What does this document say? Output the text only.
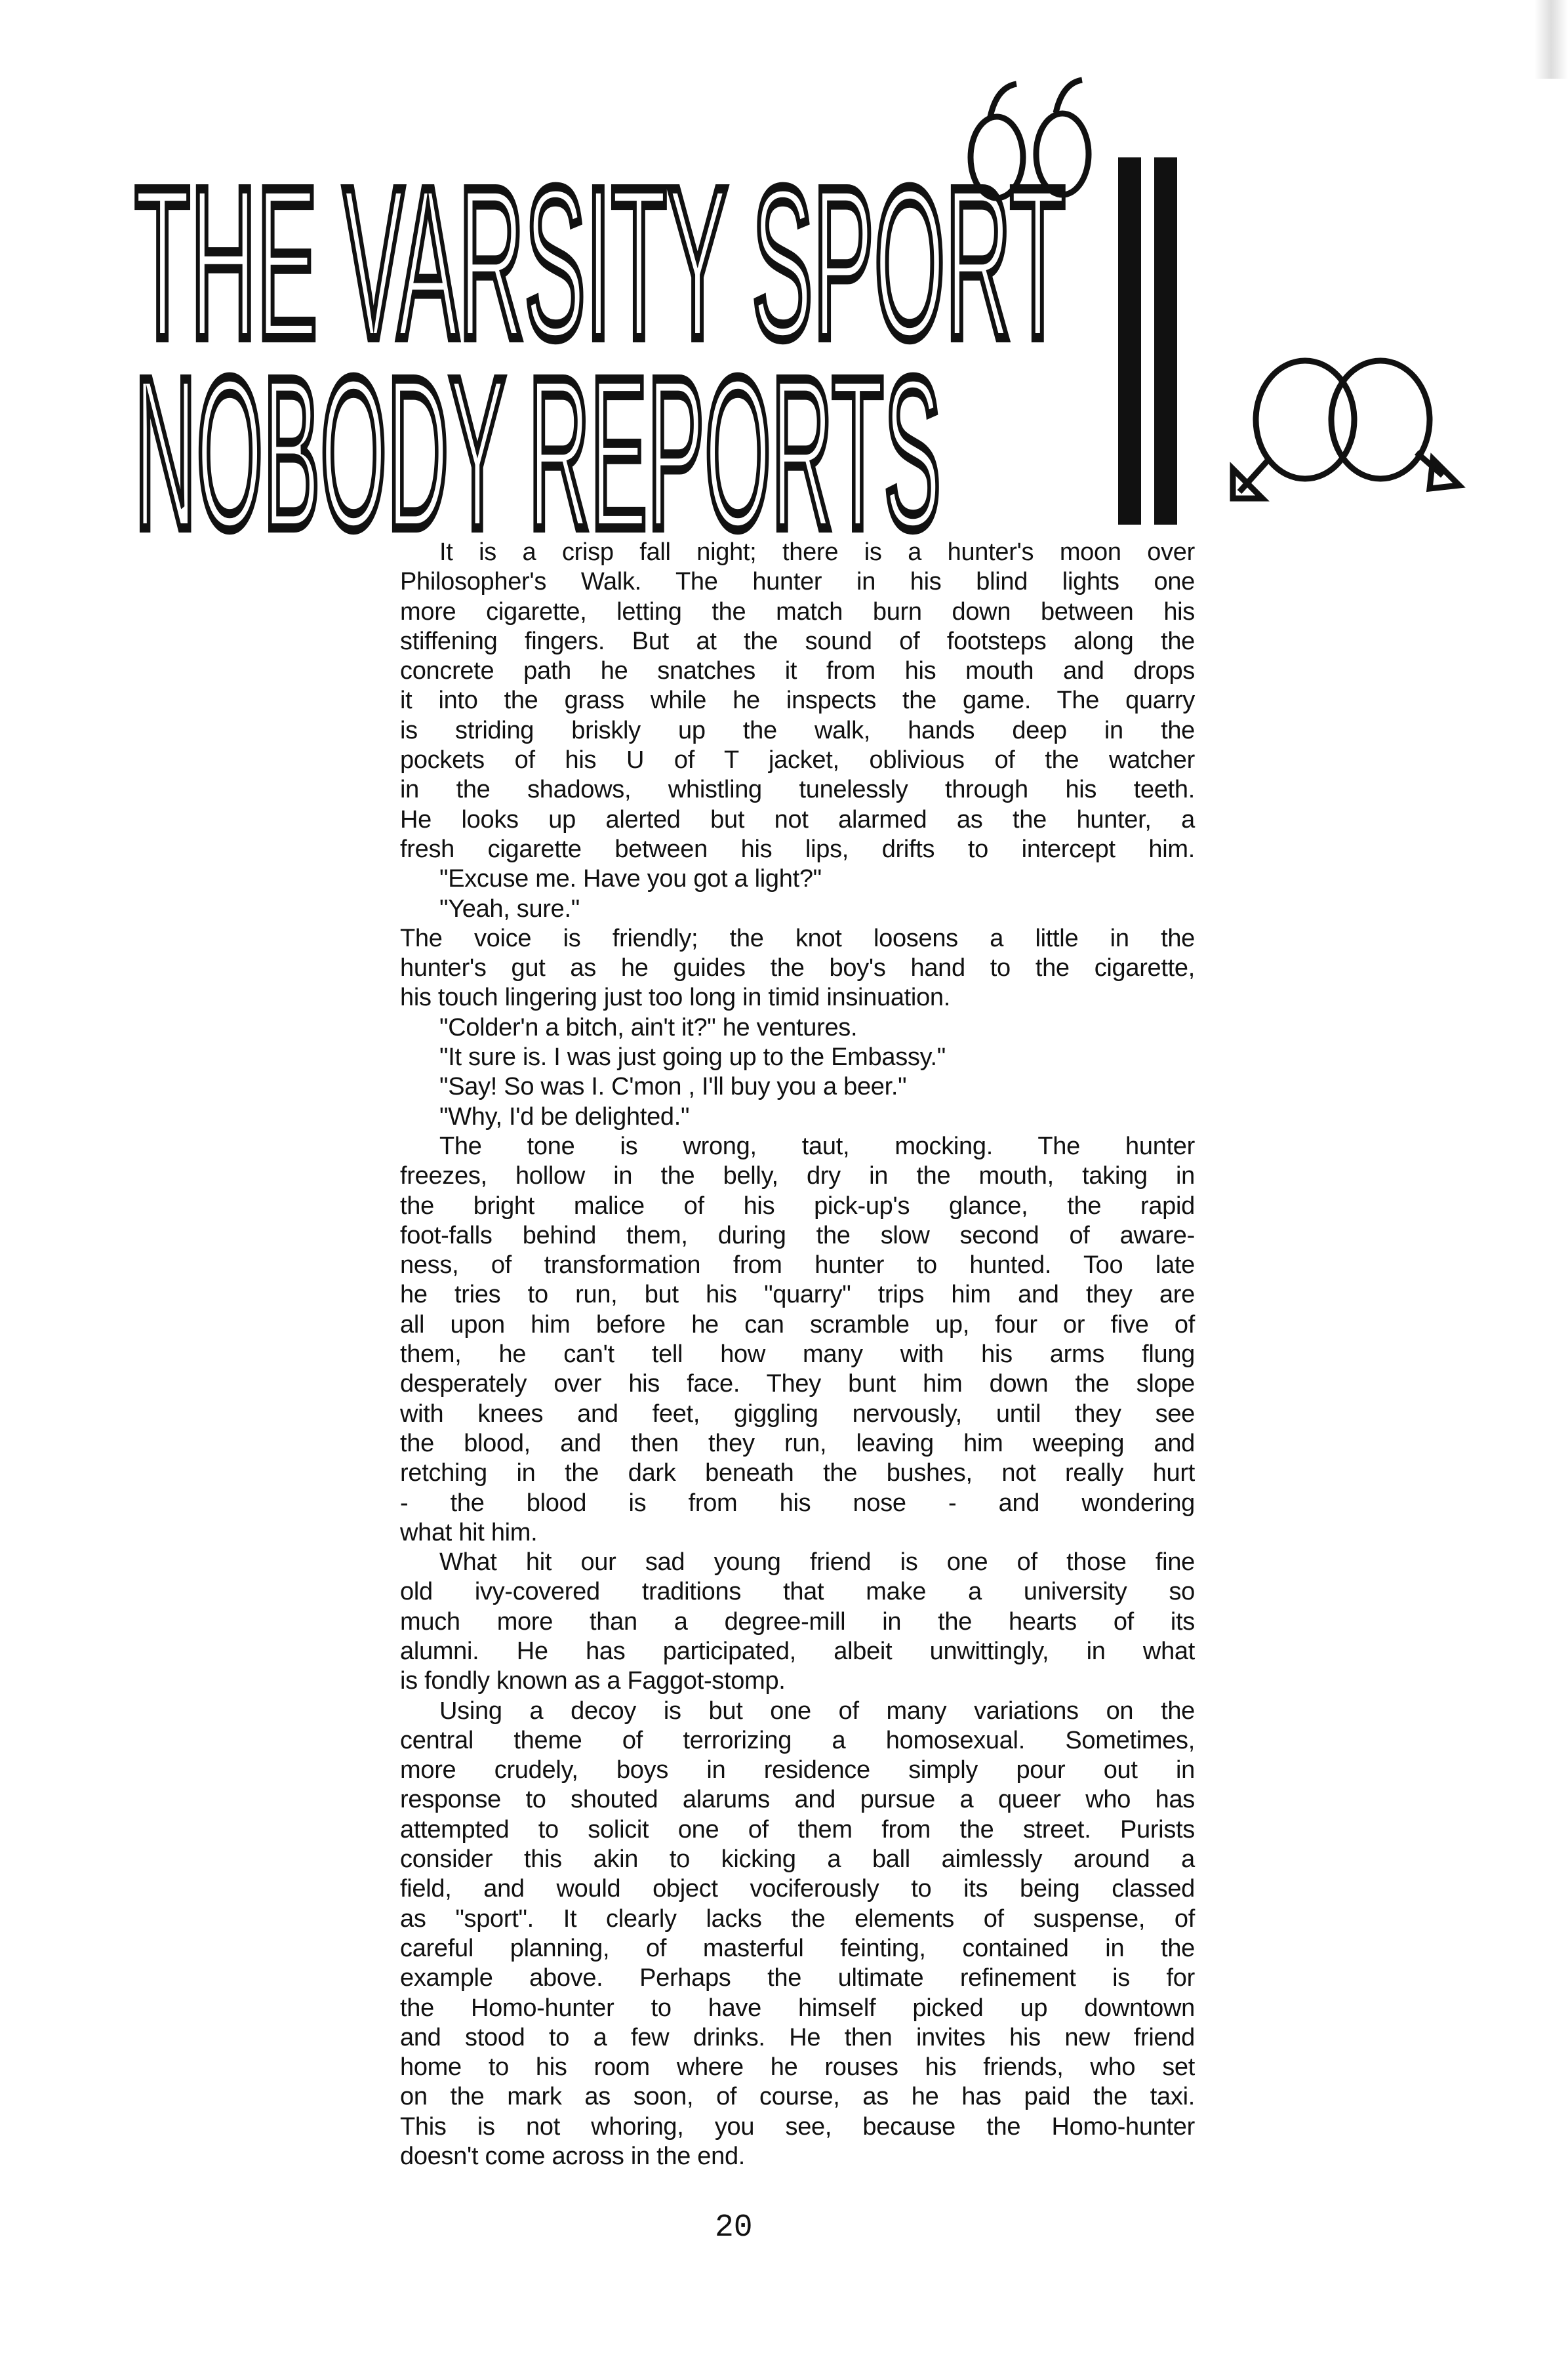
THE VARSITY SPORT
NOBODY REPORTS
It is a crisp fall night; there is a hunter's moon over
Philosopher's Walk. The hunter in his blind lights one
more cigarette, letting the match burn down between his
stiffening fingers. But at the sound of footsteps along the
concrete path he snatches it from his mouth and drops
it into the grass while he inspects the game. The quarry
is striding briskly up the walk, hands deep in the
pockets of his U of T jacket, oblivious of the watcher
in the shadows, whistling tunelessly through his teeth.
He looks up alerted but not alarmed as the hunter, a
fresh cigarette between his lips, drifts to intercept him.
"Excuse me. Have you got a light?"
"Yeah, sure."
The voice is friendly; the knot loosens a little in the
hunter's gut as he guides the boy's hand to the cigarette,
his touch lingering just too long in timid insinuation.
"Colder'n a bitch, ain't it?" he ventures.
"It sure is. I was just going up to the Embassy."
"Say! So was I. C'mon , I'll buy you a beer."
"Why, I'd be delighted."
The tone is wrong, taut, mocking. The hunter
freezes, hollow in the belly, dry in the mouth, taking in
the bright malice of his pick-up's glance, the rapid
foot-falls behind them, during the slow second of aware-
ness, of transformation from hunter to hunted. Too late
he tries to run, but his "quarry" trips him and they are
all upon him before he can scramble up, four or five of
them, he can't tell how many with his arms flung
desperately over his face. They bunt him down the slope
with knees and feet, giggling nervously, until they see
the blood, and then they run, leaving him weeping and
retching in the dark beneath the bushes, not really hurt
- the blood is from his nose - and wondering
what hit him.
What hit our sad young friend is one of those fine
old ivy-covered traditions that make a university so
much more than a degree-mill in the hearts of its
alumni. He has participated, albeit unwittingly, in what
is fondly known as a Faggot-stomp.
Using a decoy is but one of many variations on the
central theme of terrorizing a homosexual. Sometimes,
more crudely, boys in residence simply pour out in
response to shouted alarums and pursue a queer who has
attempted to solicit one of them from the street. Purists
consider this akin to kicking a ball aimlessly around a
field, and would object vociferously to its being classed
as "sport". It clearly lacks the elements of suspense, of
careful planning, of masterful feinting, contained in the
example above. Perhaps the ultimate refinement is for
the Homo-hunter to have himself picked up downtown
and stood to a few drinks. He then invites his new friend
home to his room where he rouses his friends, who set
on the mark as soon, of course, as he has paid the taxi.
This is not whoring, you see, because the Homo-hunter
doesn't come across in the end.
20
